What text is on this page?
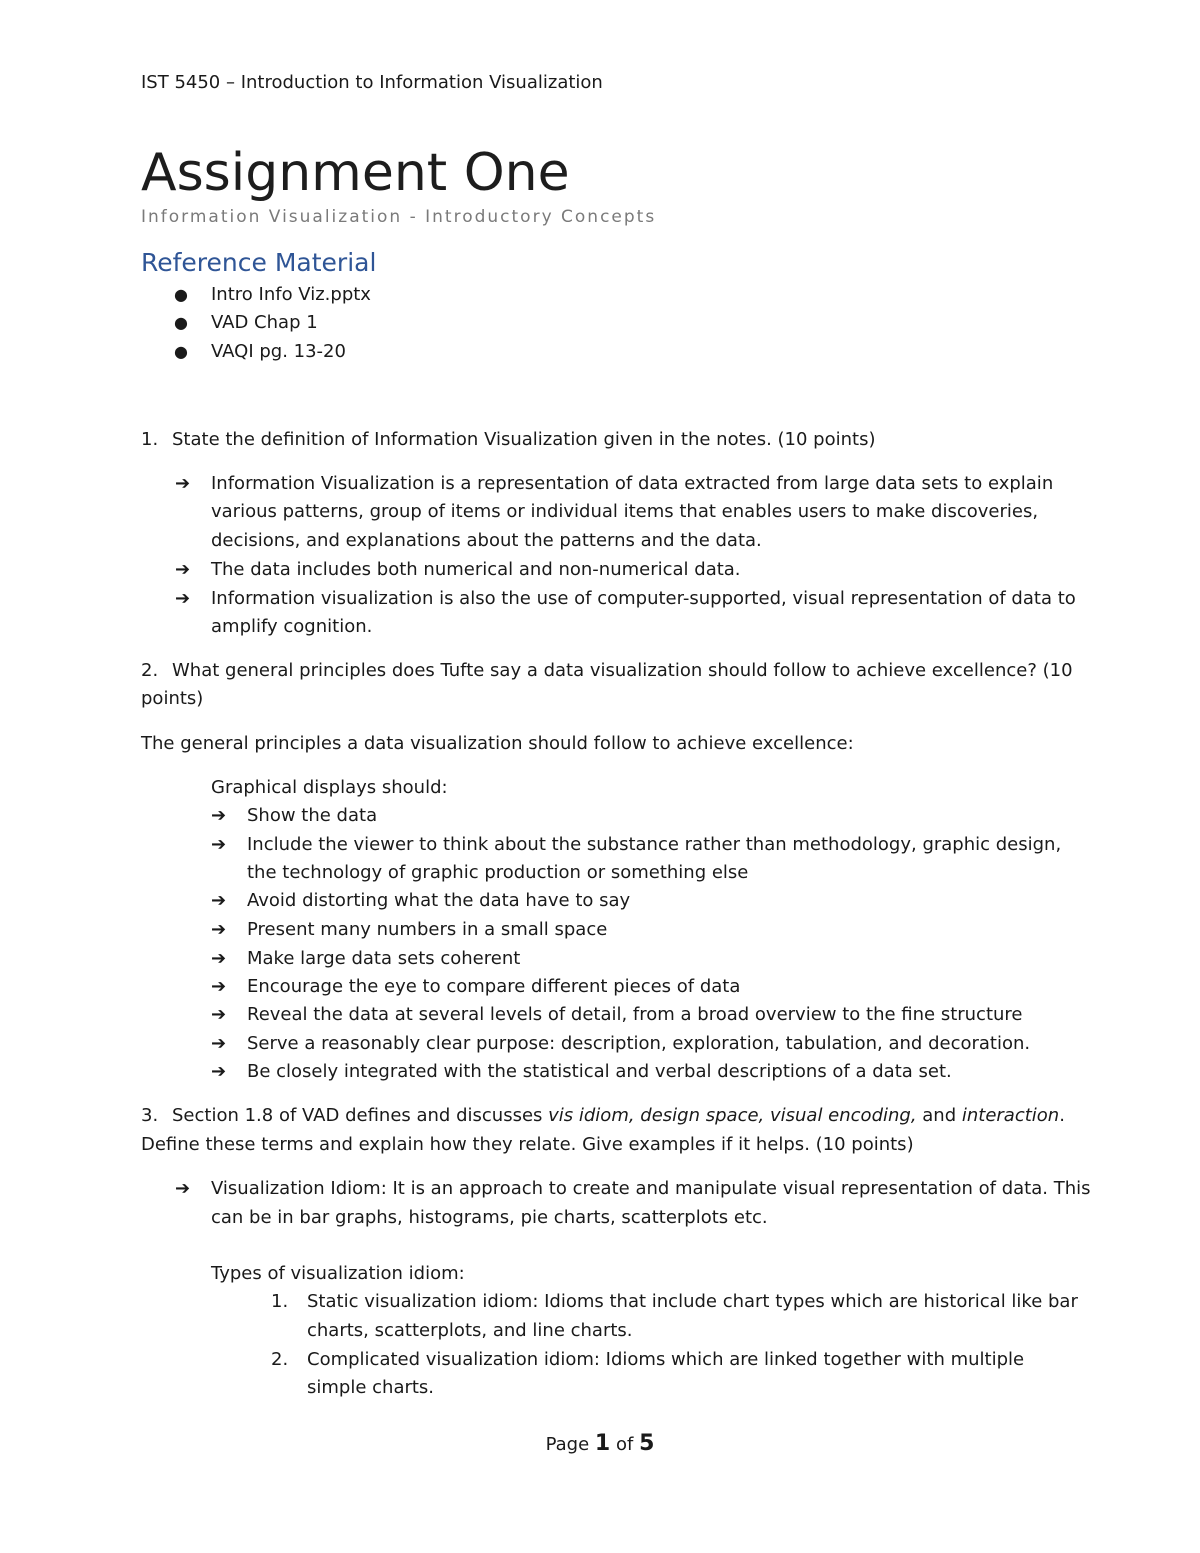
IST 5450 – Introduction to Information Visualization
Assignment One
Information Visualization - Introductory Concepts
Reference Material
● Intro Info Viz.pptx
● VAD Chap 1
● VAQI pg. 13-20
1. State the definition of Information Visualization given in the notes. (10 points)
➔	Information Visualization is a representation of data extracted from large data sets to explain
various patterns, group of items or individual items that enables users to make discoveries,
decisions, and explanations about the patterns and the data.
➔	The data includes both numerical and non-numerical data.
➔	Information visualization is also the use of computer-supported, visual representation of data to
amplify cognition.
2. What general principles does Tufte say a data visualization should follow to achieve excellence? (10
points)
The general principles a data visualization should follow to achieve excellence:
Graphical displays should:
➔	Show the data
➔	Include the viewer to think about the substance rather than methodology, graphic design,
the technology of graphic production or something else
➔	Avoid distorting what the data have to say
➔	Present many numbers in a small space
➔	Make large data sets coherent
➔	Encourage the eye to compare different pieces of data
➔	Reveal the data at several levels of detail, from a broad overview to the fine structure
➔	Serve a reasonably clear purpose: description, exploration, tabulation, and decoration.
➔	Be closely integrated with the statistical and verbal descriptions of a data set.
3. Section 1.8 of VAD defines and discusses vis idiom, design space, visual encoding, and interaction.
Define these terms and explain how they relate. Give examples if it helps. (10 points)
➔	Visualization Idiom: It is an approach to create and manipulate visual representation of data. This
can be in bar graphs, histograms, pie charts, scatterplots etc.
Types of visualization idiom:
1. Static visualization idiom: Idioms that include chart types which are historical like bar
charts, scatterplots, and line charts.
2. Complicated visualization idiom: Idioms which are linked together with multiple
simple charts.
Page 1 of 5
